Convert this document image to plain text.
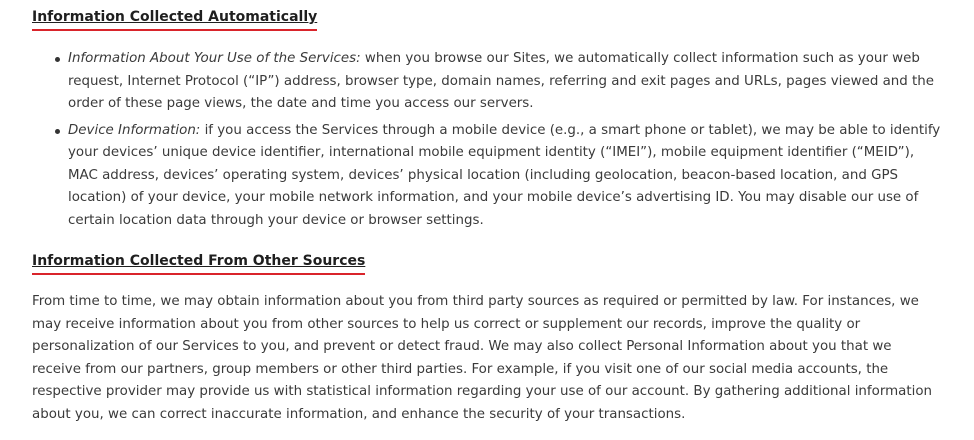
Information Collected Automatically
Information About Your Use of the Services: when you browse our Sites, we automatically collect information such as your web request, Internet Protocol (“IP”) address, browser type, domain names, referring and exit pages and URLs, pages viewed and the order of these page views, the date and time you access our servers.
Device Information: if you access the Services through a mobile device (e.g., a smart phone or tablet), we may be able to identify your devices’ unique device identifier, international mobile equipment identity (“IMEI”), mobile equipment identifier (“MEID”), MAC address, devices’ operating system, devices’ physical location (including geolocation, beacon-based location, and GPS location) of your device, your mobile network information, and your mobile device’s advertising ID. You may disable our use of certain location data through your device or browser settings.
Information Collected From Other Sources

From time to time, we may obtain information about you from third party sources as required or permitted by law. For instances, we may receive information about you from other sources to help us correct or supplement our records, improve the quality or personalization of our Services to you, and prevent or detect fraud. We may also collect Personal Information about you that we receive from our partners, group members or other third parties. For example, if you visit one of our social media accounts, the respective provider may provide us with statistical information regarding your use of our account. By gathering additional information about you, we can correct inaccurate information, and enhance the security of your transactions.
